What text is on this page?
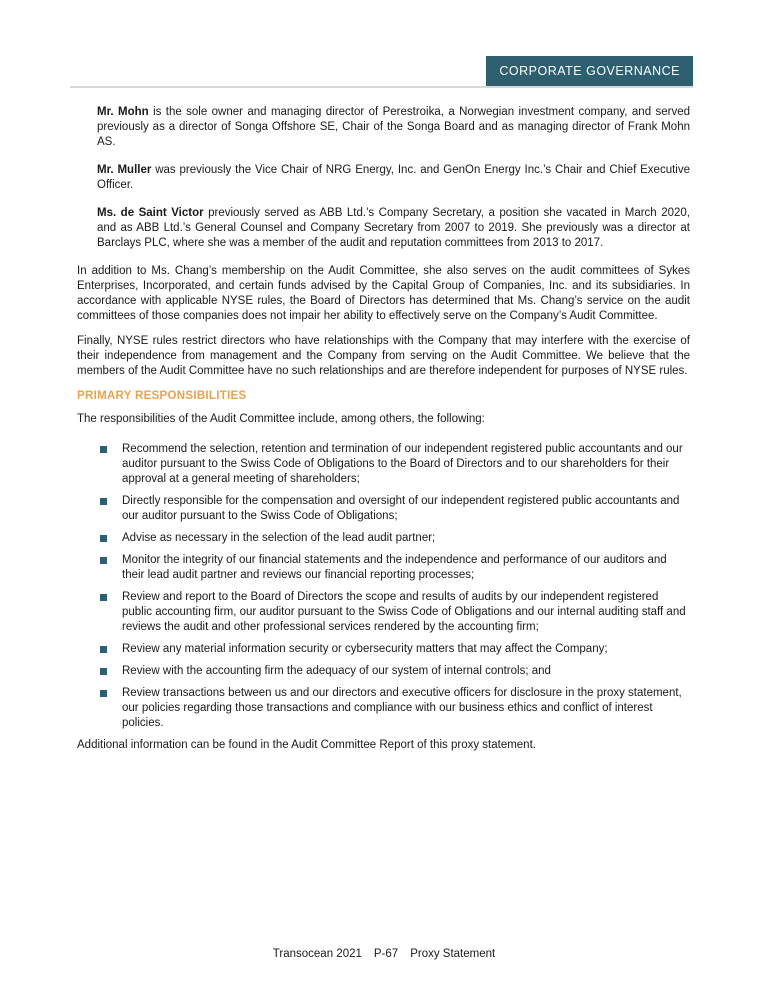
CORPORATE GOVERNANCE

Mr. Mohn is the sole owner and managing director of Perestroika, a Norwegian investment company, and served previously as a director of Songa Offshore SE, Chair of the Songa Board and as managing director of Frank Mohn AS.

Mr. Muller was previously the Vice Chair of NRG Energy, Inc. and GenOn Energy Inc.’s Chair and Chief Executive Officer.

Ms. de Saint Victor previously served as ABB Ltd.’s Company Secretary, a position she vacated in March 2020, and as ABB Ltd.’s General Counsel and Company Secretary from 2007 to 2019. She previously was a director at Barclays PLC, where she was a member of the audit and reputation committees from 2013 to 2017.

In addition to Ms. Chang’s membership on the Audit Committee, she also serves on the audit committees of Sykes Enterprises, Incorporated, and certain funds advised by the Capital Group of Companies, Inc. and its subsidiaries. In accordance with applicable NYSE rules, the Board of Directors has determined that Ms. Chang’s service on the audit committees of those companies does not impair her ability to effectively serve on the Company’s Audit Committee.

Finally, NYSE rules restrict directors who have relationships with the Company that may interfere with the exercise of their independence from management and the Company from serving on the Audit Committee. We believe that the members of the Audit Committee have no such relationships and are therefore independent for purposes of NYSE rules.

PRIMARY RESPONSIBILITIES

The responsibilities of the Audit Committee include, among others, the following:

Recommend the selection, retention and termination of our independent registered public accountants and our auditor pursuant to the Swiss Code of Obligations to the Board of Directors and to our shareholders for their approval at a general meeting of shareholders;
Directly responsible for the compensation and oversight of our independent registered public accountants and our auditor pursuant to the Swiss Code of Obligations;
Advise as necessary in the selection of the lead audit partner;
Monitor the integrity of our financial statements and the independence and performance of our auditors and their lead audit partner and reviews our financial reporting processes;
Review and report to the Board of Directors the scope and results of audits by our independent registered public accounting firm, our auditor pursuant to the Swiss Code of Obligations and our internal auditing staff and reviews the audit and other professional services rendered by the accounting firm;
Review any material information security or cybersecurity matters that may affect the Company;
Review with the accounting firm the adequacy of our system of internal controls; and
Review transactions between us and our directors and executive officers for disclosure in the proxy statement, our policies regarding those transactions and compliance with our business ethics and conflict of interest policies.

Additional information can be found in the Audit Committee Report of this proxy statement.

Transocean 2021 P-67 Proxy Statement
